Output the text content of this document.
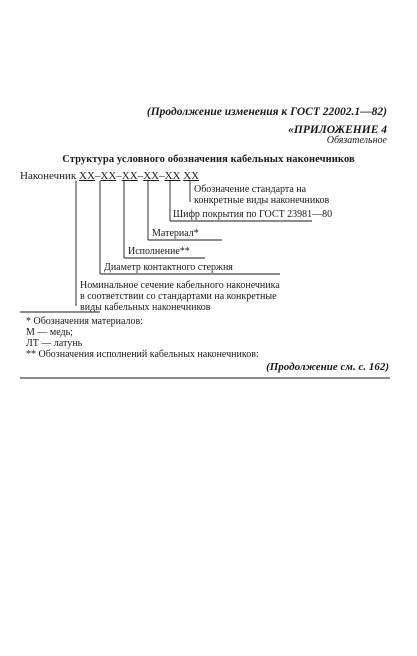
(Продолжение изменения к ГОСТ 22002.1—82)
«ПРИЛОЖЕНИЕ 4
Обязательное
Структура условного обозначения кабельных наконечников
Наконечник XX–XX–XX–XX–XX XX
Обозначение стандарта на
конкретные виды наконечников
Шифр покрытия по ГОСТ 23981—80
Материал*
Исполнение**
Диаметр контактного стержня
Номинальное сечение кабельного наконечника
в соответствии со стандартами на конкретные
виды кабельных наконечников
* Обозначения материалов:
М — медь;
ЛТ — латунь
** Обозначения исполнений кабельных наконечников:
(Продолжение см. с. 162)
